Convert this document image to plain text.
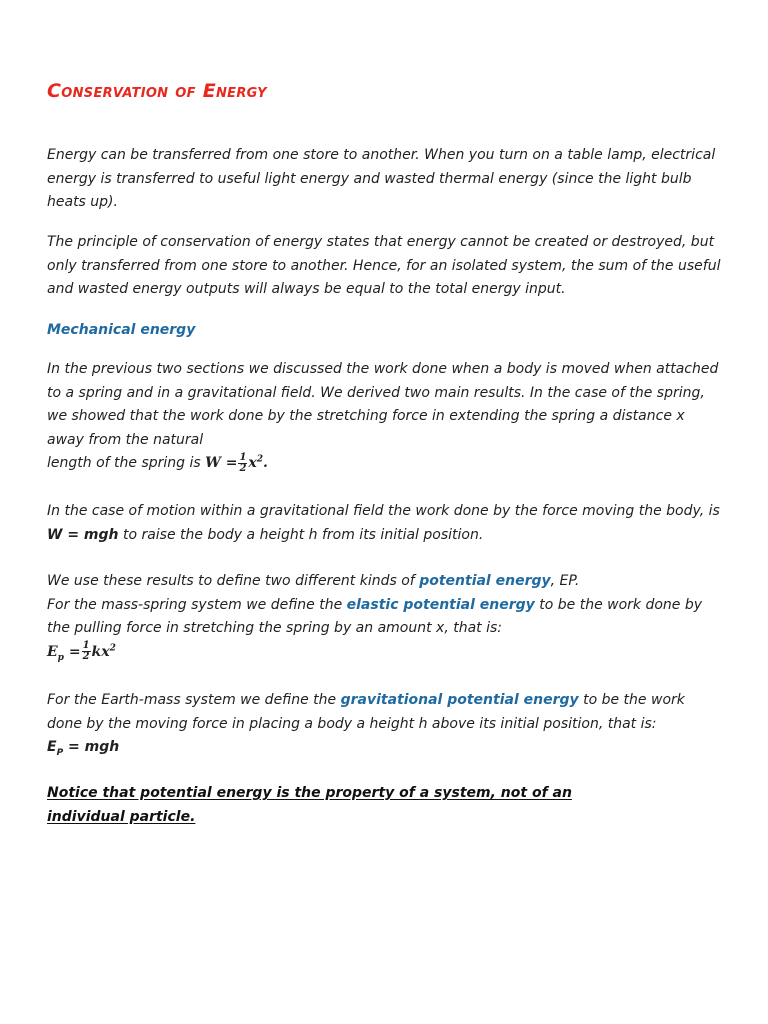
Conservation of Energy

Energy can be transferred from one store to another. When you turn on a table lamp, electrical energy is transferred to useful light energy and wasted thermal energy (since the light bulb heats up).

The principle of conservation of energy states that energy cannot be created or destroyed, but only transferred from one store to another. Hence, for an isolated system, the sum of the useful and wasted energy outputs will always be equal to the total energy input.

Mechanical energy

In the previous two sections we discussed the work done when a body is moved when attached to a spring and in a gravitational field. We derived two main results. In the case of the spring, we showed that the work done by the stretching force in extending the spring a distance x away from the natural
length of the spring is $W = \frac{1}{2} x^2$.

In the case of motion within a gravitational field the work done by the force moving the body, is W = mgh to raise the body a height h from its initial position.

We use these results to define two different kinds of potential energy, EP.
For the mass-spring system we define the elastic potential energy to be the work done by the pulling force in stretching the spring by an amount x, that is:
$E_p = \frac{1}{2} kx^2$

For the Earth-mass system we define the gravitational potential energy to be the work done by the moving force in placing a body a height h above its initial position, that is:
$E_P$ = mgh

Notice that potential energy is the property of a system, not of an
individual particle.
